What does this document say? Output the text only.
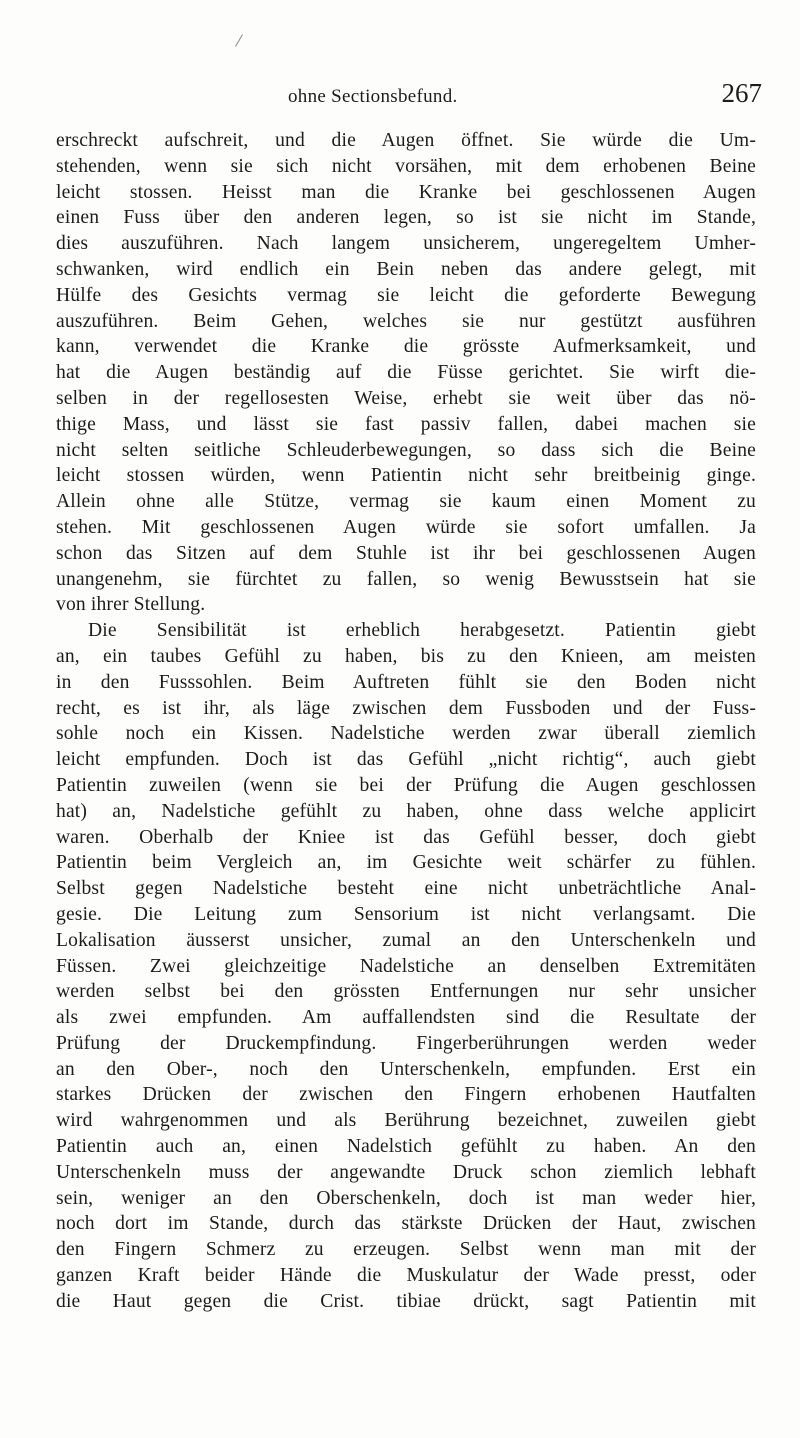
ohne Sectionsbefund.	267
erschreckt aufschreit, und die Augen öffnet. Sie würde die Um-
stehenden, wenn sie sich nicht vorsähen, mit dem erhobenen Beine
leicht stossen. Heisst man die Kranke bei geschlossenen Augen
einen Fuss über den anderen legen, so ist sie nicht im Stande,
dies auszuführen. Nach langem unsicherem, ungeregeltem Umher-
schwanken, wird endlich ein Bein neben das andere gelegt, mit
Hülfe des Gesichts vermag sie leicht die geforderte Bewegung
auszuführen. Beim Gehen, welches sie nur gestützt ausführen
kann, verwendet die Kranke die grösste Aufmerksamkeit, und
hat die Augen beständig auf die Füsse gerichtet. Sie wirft die-
selben in der regellosesten Weise, erhebt sie weit über das nö-
thige Mass, und lässt sie fast passiv fallen, dabei machen sie
nicht selten seitliche Schleuderbewegungen, so dass sich die Beine
leicht stossen würden, wenn Patientin nicht sehr breitbeinig ginge.
Allein ohne alle Stütze, vermag sie kaum einen Moment zu
stehen. Mit geschlossenen Augen würde sie sofort umfallen. Ja
schon das Sitzen auf dem Stuhle ist ihr bei geschlossenen Augen
unangenehm, sie fürchtet zu fallen, so wenig Bewusstsein hat sie
von ihrer Stellung.
Die Sensibilität ist erheblich herabgesetzt. Patientin giebt
an, ein taubes Gefühl zu haben, bis zu den Knieen, am meisten
in den Fusssohlen. Beim Auftreten fühlt sie den Boden nicht
recht, es ist ihr, als läge zwischen dem Fussboden und der Fuss-
sohle noch ein Kissen. Nadelstiche werden zwar überall ziemlich
leicht empfunden. Doch ist das Gefühl „nicht richtig“, auch giebt
Patientin zuweilen (wenn sie bei der Prüfung die Augen geschlossen
hat) an, Nadelstiche gefühlt zu haben, ohne dass welche applicirt
waren. Oberhalb der Kniee ist das Gefühl besser, doch giebt
Patientin beim Vergleich an, im Gesichte weit schärfer zu fühlen.
Selbst gegen Nadelstiche besteht eine nicht unbeträchtliche Anal-
gesie. Die Leitung zum Sensorium ist nicht verlangsamt. Die
Lokalisation äusserst unsicher, zumal an den Unterschenkeln und
Füssen. Zwei gleichzeitige Nadelstiche an denselben Extremitäten
werden selbst bei den grössten Entfernungen nur sehr unsicher
als zwei empfunden. Am auffallendsten sind die Resultate der
Prüfung der Druckempfindung. Fingerberührungen werden weder
an den Ober-, noch den Unterschenkeln, empfunden. Erst ein
starkes Drücken der zwischen den Fingern erhobenen Hautfalten
wird wahrgenommen und als Berührung bezeichnet, zuweilen giebt
Patientin auch an, einen Nadelstich gefühlt zu haben. An den
Unterschenkeln muss der angewandte Druck schon ziemlich lebhaft
sein, weniger an den Oberschenkeln, doch ist man weder hier,
noch dort im Stande, durch das stärkste Drücken der Haut, zwischen
den Fingern Schmerz zu erzeugen. Selbst wenn man mit der
ganzen Kraft beider Hände die Muskulatur der Wade presst, oder
die Haut gegen die Crist. tibiae drückt, sagt Patientin mit
